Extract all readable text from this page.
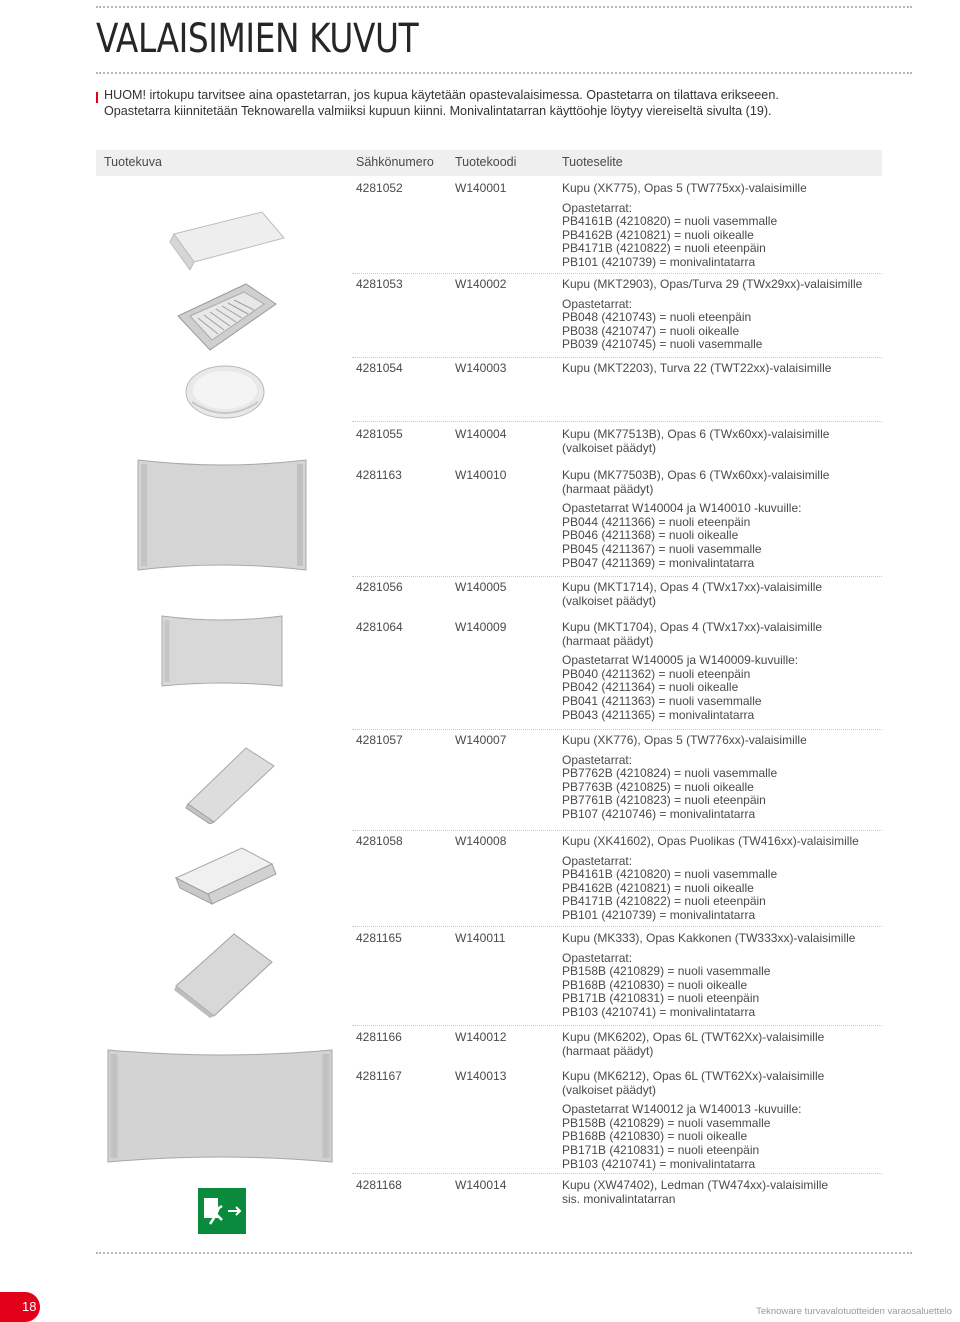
VALAISIMIEN KUVUT
HUOM! irtokupu tarvitsee aina opastetarran, jos kupua käytetään opastevalaisimessa. Opastetarra on tilattava erikseeen.
Opastetarra kiinnitetään Teknowarella valmiiksi kupuun kiinni. Monivalintatarran käyttöohje löytyy viereiseltä sivulta (19).
Tuotekuva	Sähkönumero Tuotekoodi	Tuoteselite
4281052	W140001	Kupu (XK775), Opas 5 (TW775xx)-valaisimille
Opastetarrat:
PB4161B (4210820) = nuoli vasemmalle
PB4162B (4210821) = nuoli oikealle
PB4171B (4210822) = nuoli eteenpäin
PB101 (4210739) = monivalintatarra
4281053	W140002	Kupu (MKT2903), Opas/Turva 29 (TWx29xx)-valaisimille
Opastetarrat:
PB048 (4210743) = nuoli eteenpäin
PB038 (4210747) = nuoli oikealle
PB039 (4210745) = nuoli vasemmalle
4281054	W140003	Kupu (MKT2203), Turva 22 (TWT22xx)-valaisimille
4281055	W140004	Kupu (MK77513B), Opas 6 (TWx60xx)-valaisimille
(valkoiset päädyt)
4281163	W140010	Kupu (MK77503B), Opas 6 (TWx60xx)-valaisimille
(harmaat päädyt)
Opastetarrat W140004 ja W140010 -kuvuille:
PB044 (4211366) = nuoli eteenpäin
PB046 (4211368) = nuoli oikealle
PB045 (4211367) = nuoli vasemmalle
PB047 (4211369) = monivalintatarra
4281056	W140005	Kupu (MKT1714), Opas 4 (TWx17xx)-valaisimille
(valkoiset päädyt)
4281064	W140009	Kupu (MKT1704), Opas 4 (TWx17xx)-valaisimille
(harmaat päädyt)
Opastetarrat W140005 ja W140009-kuvuille:
PB040 (4211362) = nuoli eteenpäin
PB042 (4211364) = nuoli oikealle
PB041 (4211363) = nuoli vasemmalle
PB043 (4211365) = monivalintatarra
4281057	W140007	Kupu (XK776), Opas 5 (TW776xx)-valaisimille
Opastetarrat:
PB7762B (4210824) = nuoli vasemmalle
PB7763B (4210825) = nuoli oikealle
PB7761B (4210823) = nuoli eteenpäin
PB107 (4210746) = monivalintatarra
4281058	W140008	Kupu (XK41602), Opas Puolikas (TW416xx)-valaisimille
Opastetarrat:
PB4161B (4210820) = nuoli vasemmalle
PB4162B (4210821) = nuoli oikealle
PB4171B (4210822) = nuoli eteenpäin
PB101 (4210739) = monivalintatarra
4281165	W140011	Kupu (MK333), Opas Kakkonen (TW333xx)-valaisimille
Opastetarrat:
PB158B (4210829) = nuoli vasemmalle
PB168B (4210830) = nuoli oikealle
PB171B (4210831) = nuoli eteenpäin
PB103 (4210741) = monivalintatarra
4281166	W140012	Kupu (MK6202), Opas 6L (TWT62Xx)-valaisimille
(harmaat päädyt)
4281167	W140013	Kupu (MK6212), Opas 6L (TWT62Xx)-valaisimille
(valkoiset päädyt)
Opastetarrat W140012 ja W140013 -kuvuille:
PB158B (4210829) = nuoli vasemmalle
PB168B (4210830) = nuoli oikealle
PB171B (4210831) = nuoli eteenpäin
PB103 (4210741) = monivalintatarra
4281168	W140014	Kupu (XW47402), Ledman (TW474xx)-valaisimille
sis. monivalintatarran
18	Teknoware turvavalotuotteiden varaosaluettelo
